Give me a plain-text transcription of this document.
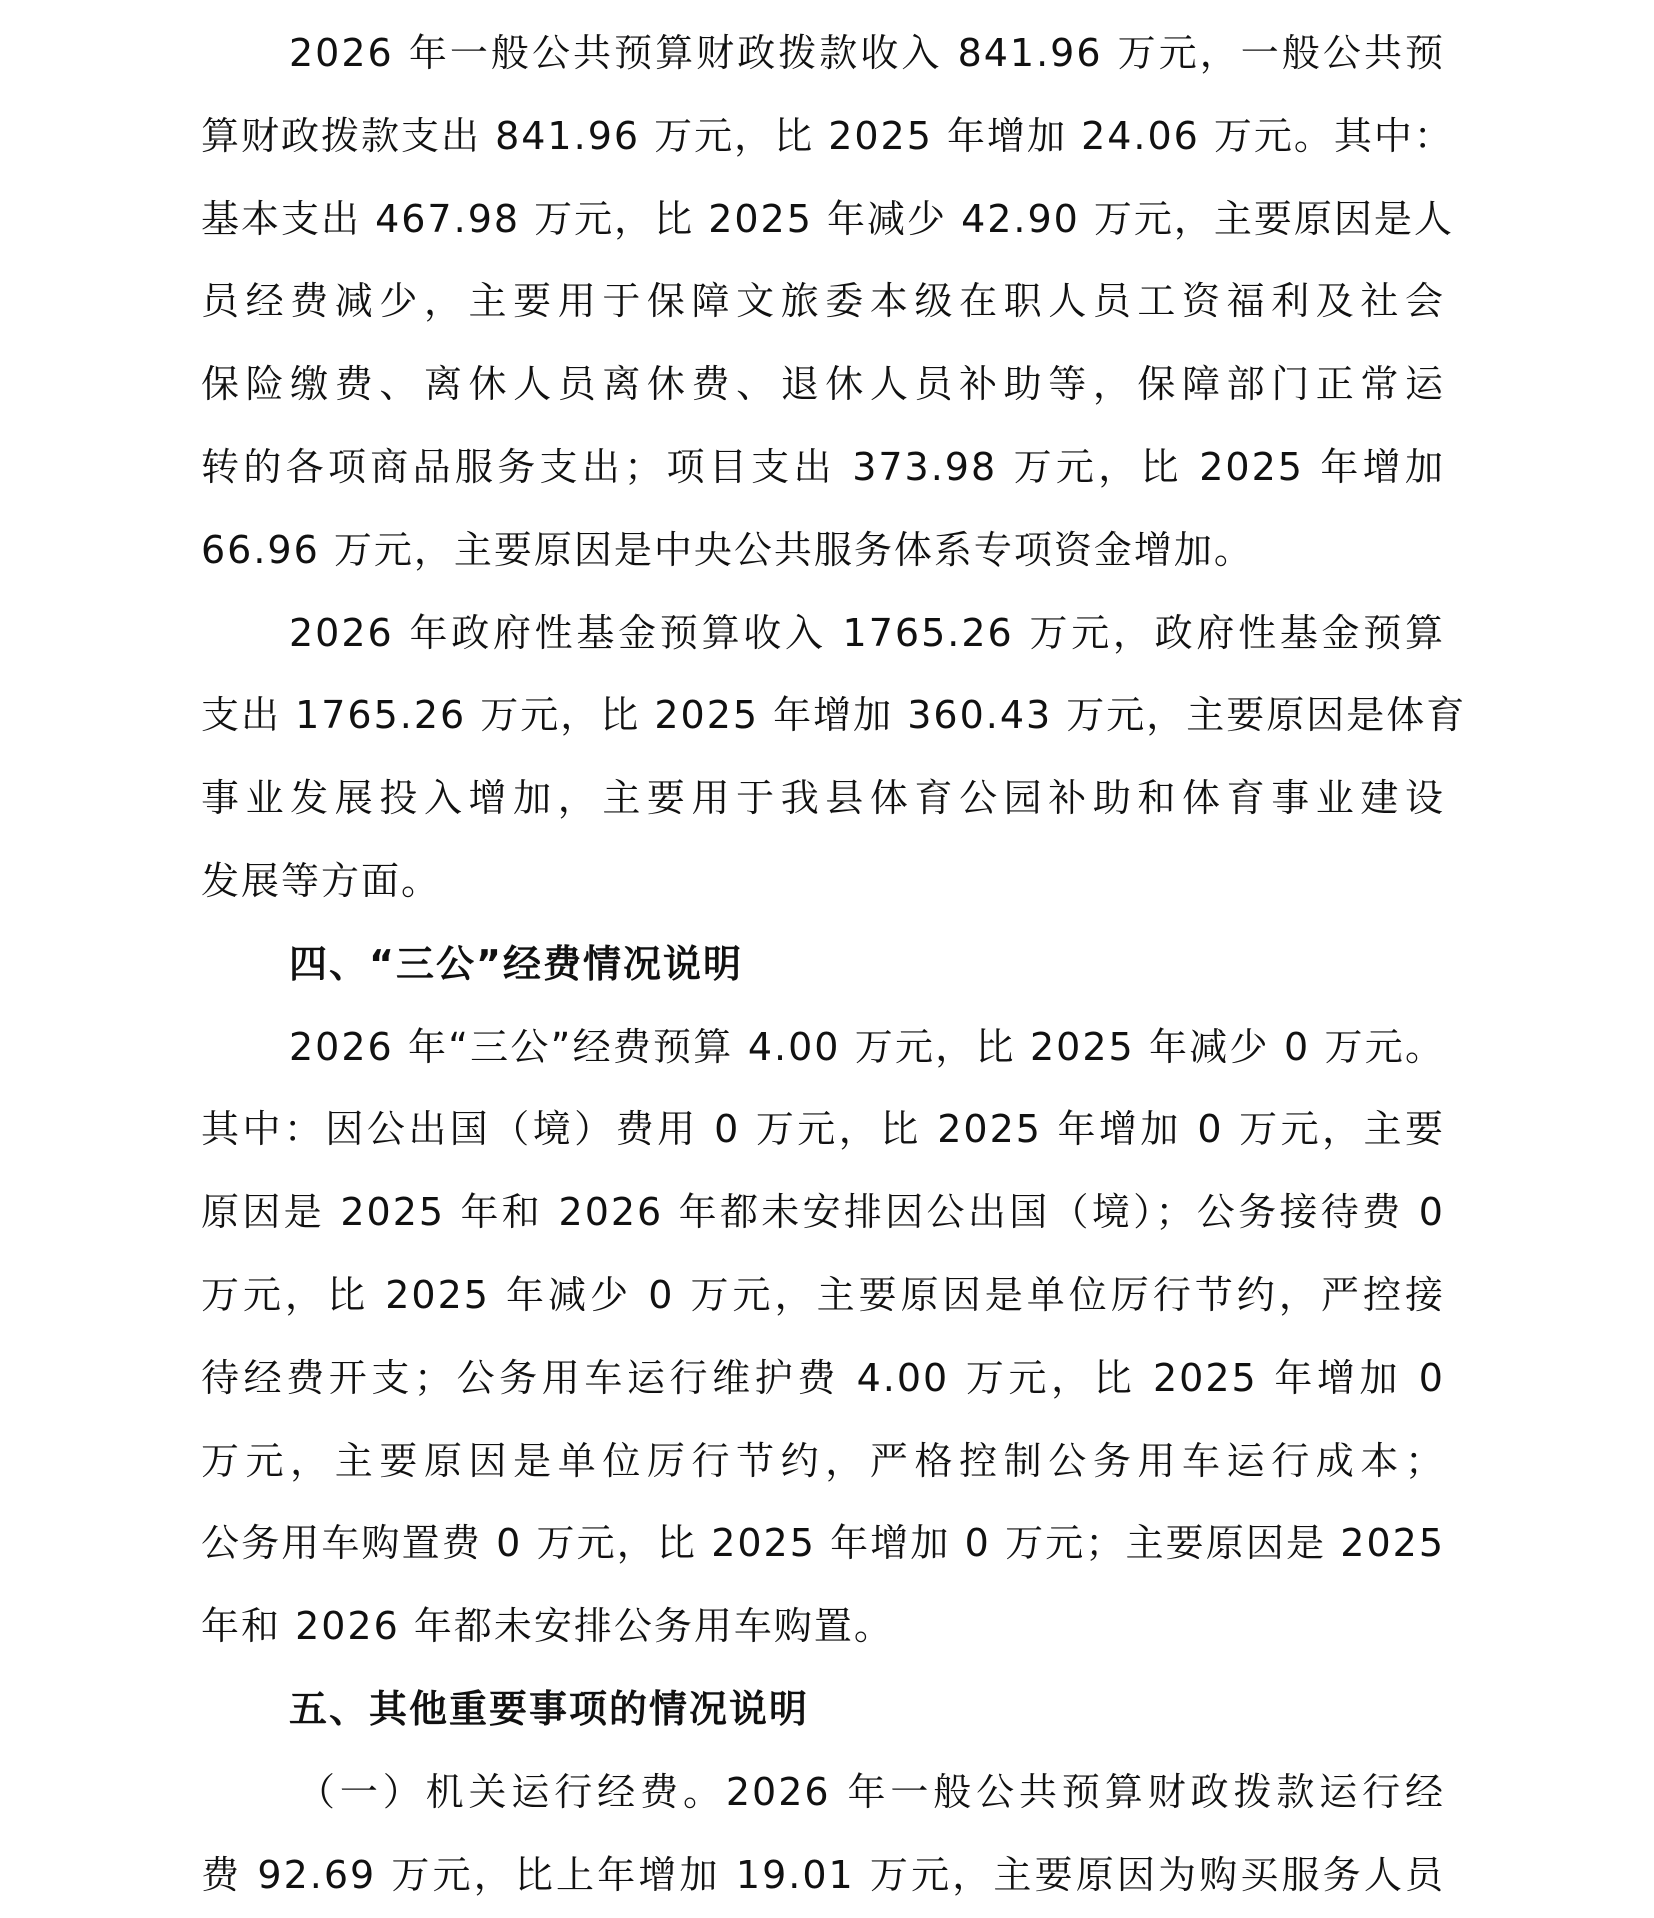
2026 年一般公共预算财政拨款收入 841.96 万元，一般公共预
算财政拨款支出 841.96 万元，比 2025 年增加 24.06 万元。其中：
基本支出 467.98 万元，比 2025 年减少 42.90 万元，主要原因是人
员经费减少，主要用于保障文旅委本级在职人员工资福利及社会
保险缴费、离休人员离休费、退休人员补助等，保障部门正常运
转的各项商品服务支出；项目支出 373.98 万元，比 2025 年增加
66.96 万元，主要原因是中央公共服务体系专项资金增加。
2026 年政府性基金预算收入 1765.26 万元，政府性基金预算
支出 1765.26 万元，比 2025 年增加 360.43 万元，主要原因是体育
事业发展投入增加，主要用于我县体育公园补助和体育事业建设
发展等方面。
四、“三公”经费情况说明
2026 年“三公”经费预算 4.00 万元，比 2025 年减少 0 万元。
其中：因公出国（境）费用 0 万元，比 2025 年增加 0 万元，主要
原因是 2025 年和 2026 年都未安排因公出国（境）；公务接待费 0
万元，比 2025 年减少 0 万元，主要原因是单位厉行节约，严控接
待经费开支；公务用车运行维护费 4.00 万元，比 2025 年增加 0
万元，主要原因是单位厉行节约，严格控制公务用车运行成本；
公务用车购置费 0 万元，比 2025 年增加 0 万元；主要原因是 2025
年和 2026 年都未安排公务用车购置。
五、其他重要事项的情况说明
（一）机关运行经费。2026 年一般公共预算财政拨款运行经
费 92.69 万元，比上年增加 19.01 万元，主要原因为购买服务人员
